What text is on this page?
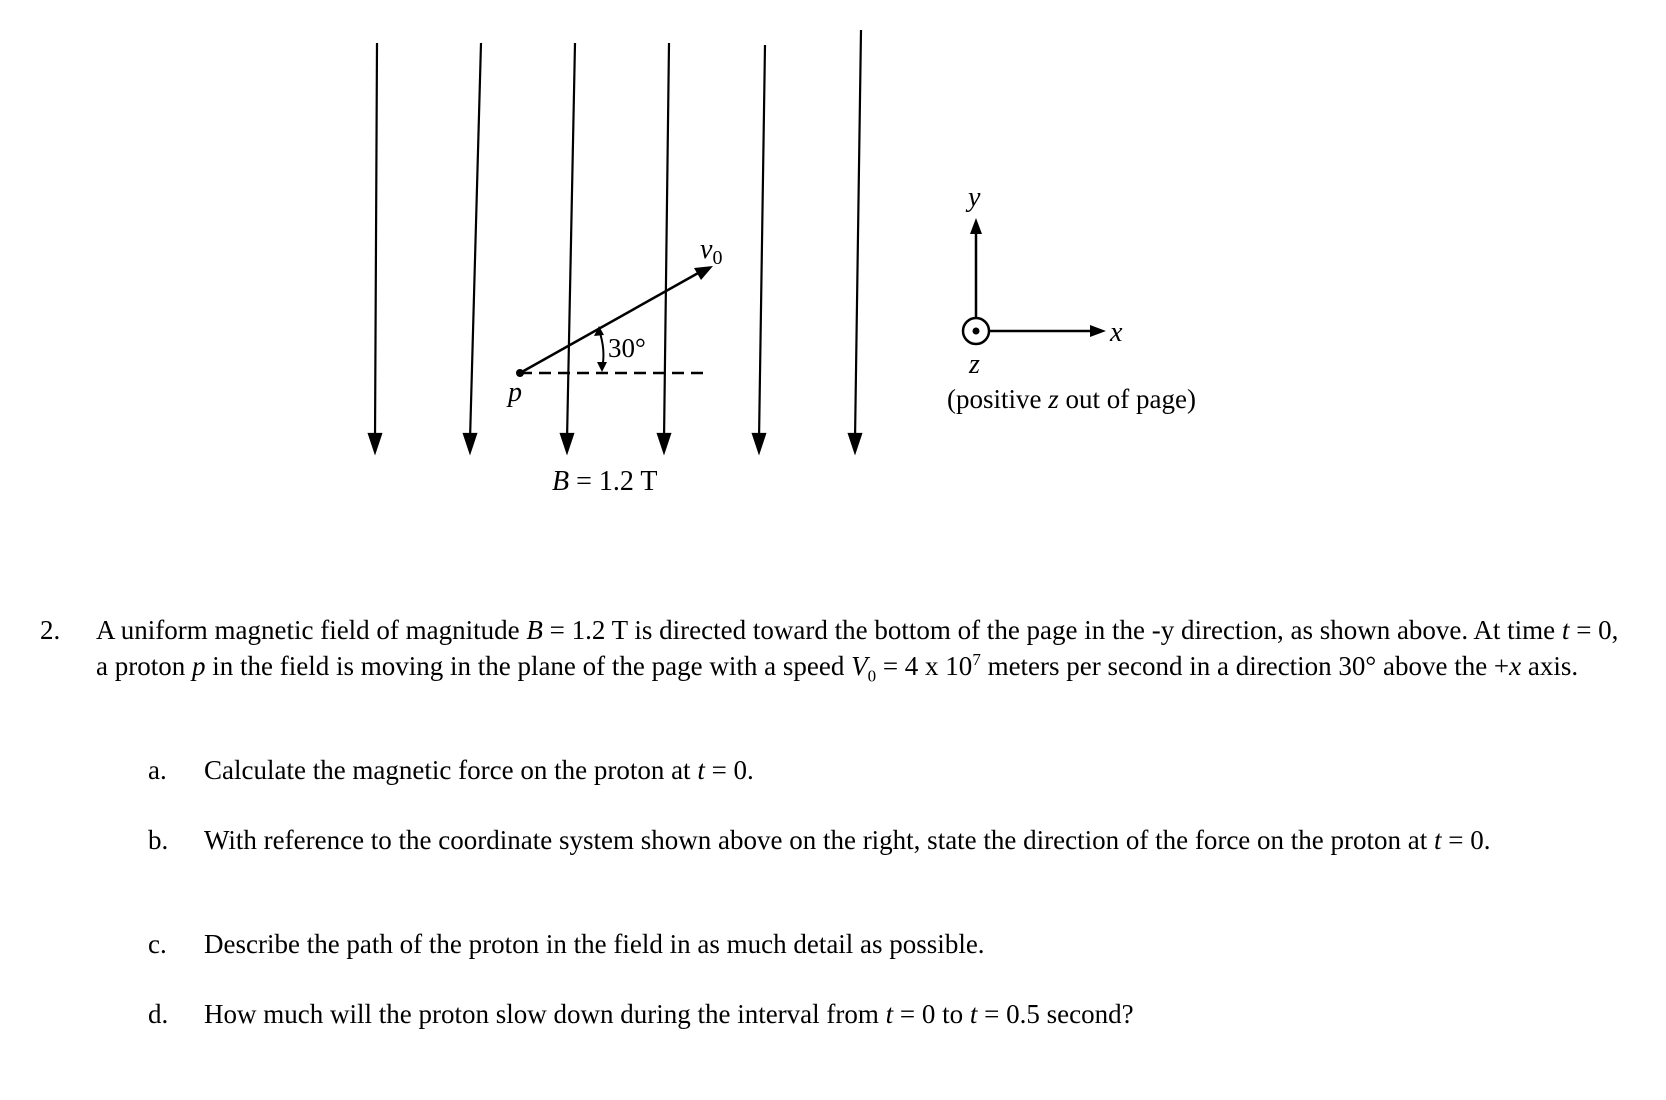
30°
$v_0$
p
B = 1.2 T
y
x
z
(positive z out of page)
2. A uniform magnetic field of magnitude B = 1.2 T is directed toward the bottom of the page in the -y direction, as shown above. At time t = 0, a proton p in the field is moving in the plane of the page with a speed $V_0 = 4$ x $10^7$ meters per second in a direction 30° above the +x axis.
a. Calculate the magnetic force on the proton at t = 0.
b. With reference to the coordinate system shown above on the right, state the direction of the force on the proton at t = 0.
c. Describe the path of the proton in the field in as much detail as possible.
d. How much will the proton slow down during the interval from t = 0 to t = 0.5 second?
